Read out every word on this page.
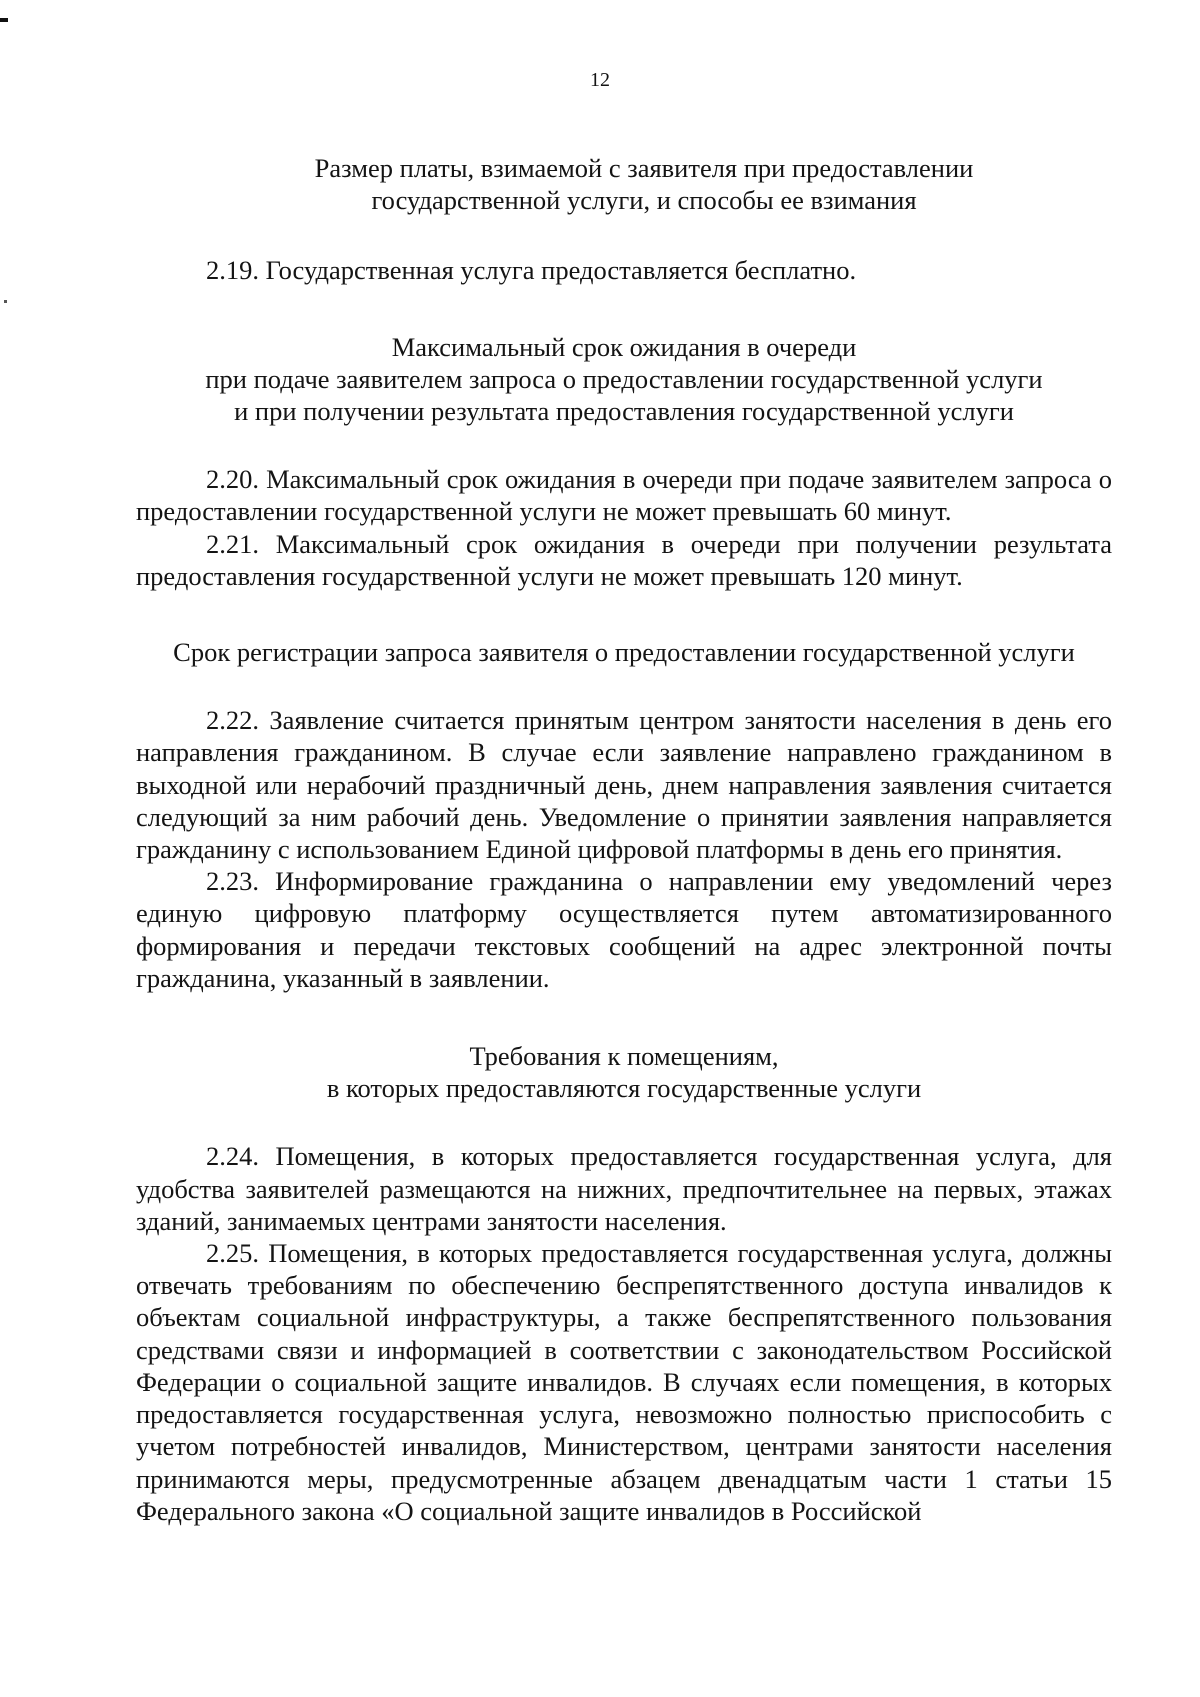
12
Размер платы, взимаемой с заявителя при предоставлении
государственной услуги, и способы ее взимания

2.19. Государственная услуга предоставляется бесплатно.

Максимальный срок ожидания в очереди
при подаче заявителем запроса о предоставлении государственной услуги
и при получении результата предоставления государственной услуги

2.20. Максимальный срок ожидания в очереди при подаче заявителем запроса о предоставлении государственной услуги не может превышать 60 минут.

2.21. Максимальный срок ожидания в очереди при получении результата предоставления государственной услуги не может превышать 120 минут.

Срок регистрации запроса заявителя о предоставлении государственной услуги

2.22. Заявление считается принятым центром занятости населения в день его направления гражданином. В случае если заявление направлено гражданином в выходной или нерабочий праздничный день, днем направления заявления считается следующий за ним рабочий день. Уведомление о принятии заявления направляется гражданину с использованием Единой цифровой платформы в день его принятия.

2.23. Информирование гражданина о направлении ему уведомлений через единую цифровую платформу осуществляется путем автоматизированного формирования и передачи текстовых сообщений на адрес электронной почты гражданина, указанный в заявлении.

Требования к помещениям,
в которых предоставляются государственные услуги

2.24. Помещения, в которых предоставляется государственная услуга, для удобства заявителей размещаются на нижних, предпочтительнее на первых, этажах зданий, занимаемых центрами занятости населения.

2.25. Помещения, в которых предоставляется государственная услуга, должны отвечать требованиям по обеспечению беспрепятственного доступа инвалидов к объектам социальной инфраструктуры, а также беспрепятственного пользования средствами связи и информацией в соответствии с законодательством Российской Федерации о социальной защите инвалидов. В случаях если помещения, в которых предоставляется государственная услуга, невозможно полностью приспособить с учетом потребностей инвалидов, Министерством, центрами занятости населения принимаются меры, предусмотренные абзацем двенадцатым части 1 статьи 15 Федерального закона «О социальной защите инвалидов в Российской
